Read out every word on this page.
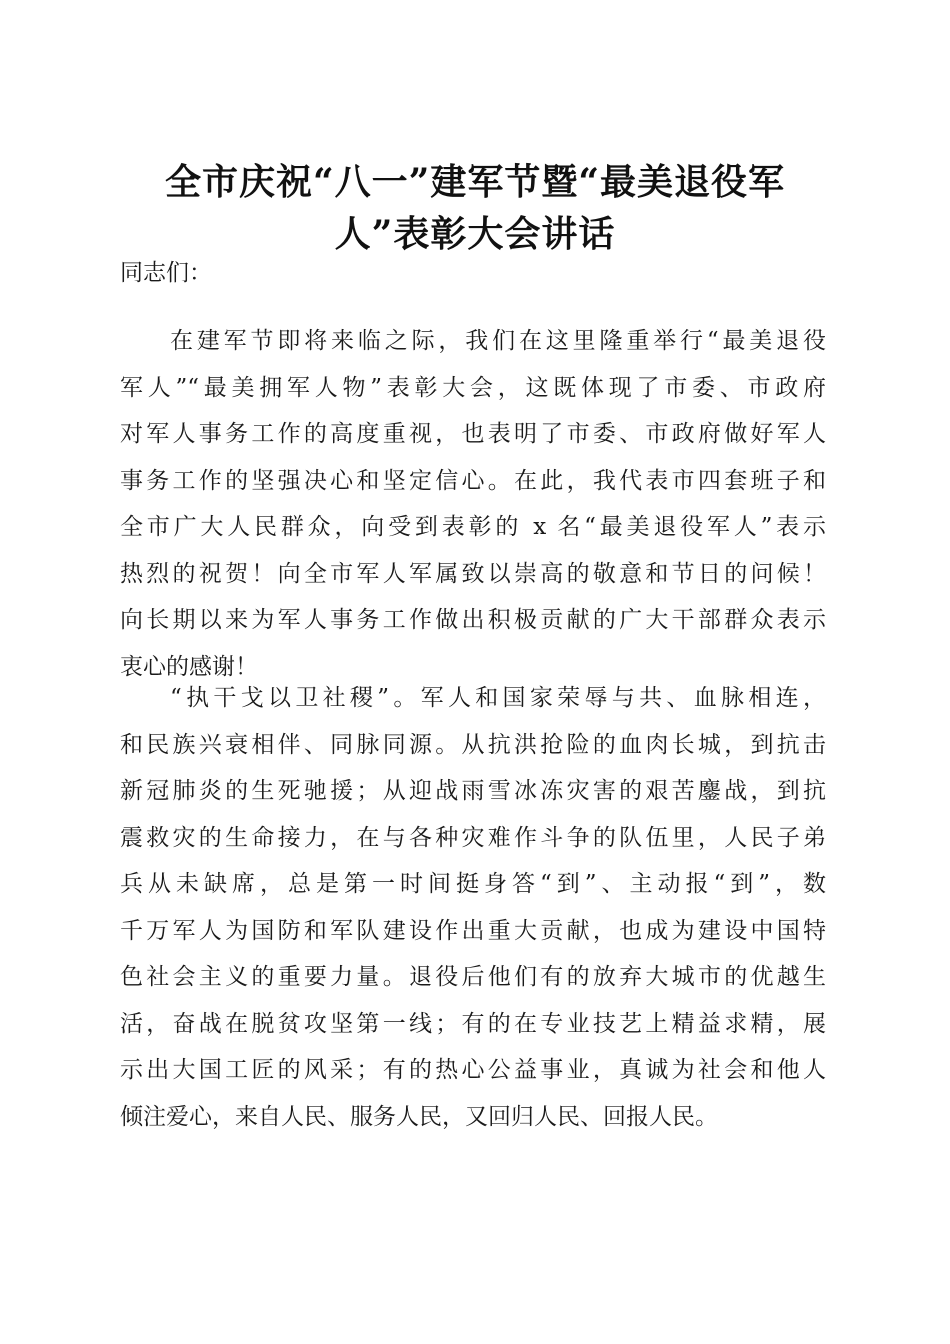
全市庆祝“八一”建军节暨“最美退役军
人”表彰大会讲话
同志们：
在建军节即将来临之际，我们在这里隆重举行“最美退役
军人”“最美拥军人物”表彰大会，这既体现了市委、市政府
对军人事务工作的高度重视，也表明了市委、市政府做好军人
事务工作的坚强决心和坚定信心。在此，我代表市四套班子和
全市广大人民群众，向受到表彰的 x 名“最美退役军人”表示
热烈的祝贺！向全市军人军属致以崇高的敬意和节日的问候！
向长期以来为军人事务工作做出积极贡献的广大干部群众表示
衷心的感谢！
“执干戈以卫社稷”。军人和国家荣辱与共、血脉相连，
和民族兴衰相伴、同脉同源。从抗洪抢险的血肉长城，到抗击
新冠肺炎的生死驰援；从迎战雨雪冰冻灾害的艰苦鏖战，到抗
震救灾的生命接力，在与各种灾难作斗争的队伍里，人民子弟
兵从未缺席，总是第一时间挺身答“到”、主动报“到”，数
千万军人为国防和军队建设作出重大贡献，也成为建设中国特
色社会主义的重要力量。退役后他们有的放弃大城市的优越生
活，奋战在脱贫攻坚第一线；有的在专业技艺上精益求精，展
示出大国工匠的风采；有的热心公益事业，真诚为社会和他人
倾注爱心，来自人民、服务人民，又回归人民、回报人民。
